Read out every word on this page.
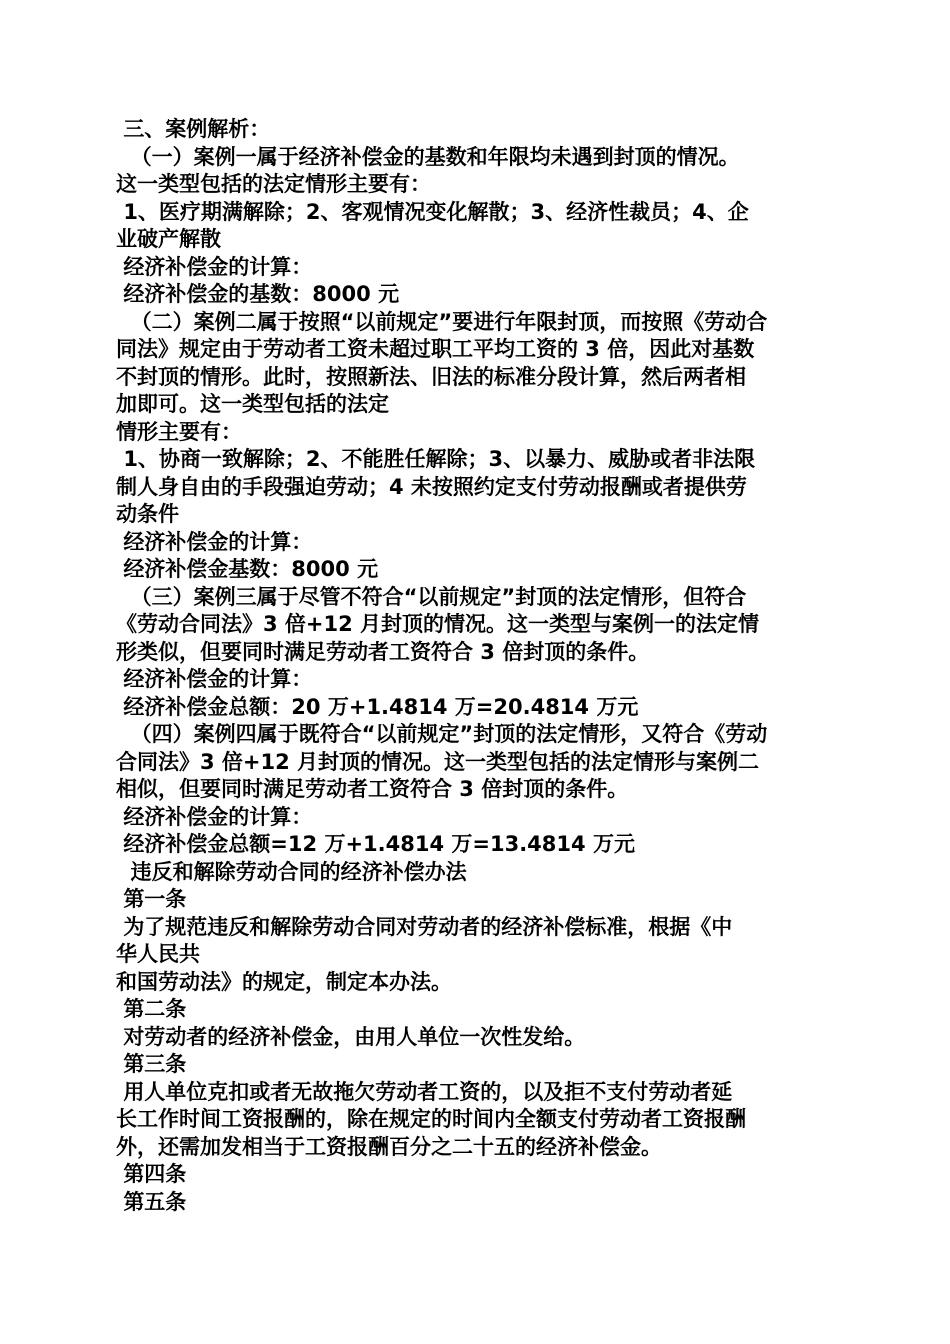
三、案例解析：
（一）案例一属于经济补偿金的基数和年限均未遇到封顶的情况。
这一类型包括的法定情形主要有：
1、医疗期满解除；2、客观情况变化解散；3、经济性裁员；4、企
业破产解散
经济补偿金的计算：
经济补偿金的基数：8000 元
（二）案例二属于按照“以前规定”要进行年限封顶，而按照《劳动合
同法》规定由于劳动者工资未超过职工平均工资的 3 倍，因此对基数
不封顶的情形。此时，按照新法、旧法的标准分段计算，然后两者相
加即可。这一类型包括的法定
情形主要有：
1、协商一致解除；2、不能胜任解除；3、以暴力、威胁或者非法限
制人身自由的手段强迫劳动；4 未按照约定支付劳动报酬或者提供劳
动条件
经济补偿金的计算：
经济补偿金基数：8000 元
（三）案例三属于尽管不符合“以前规定”封顶的法定情形，但符合
《劳动合同法》3 倍+12 月封顶的情况。这一类型与案例一的法定情
形类似，但要同时满足劳动者工资符合 3 倍封顶的条件。
经济补偿金的计算：
经济补偿金总额：20 万+1.4814 万=20.4814 万元
（四）案例四属于既符合“以前规定”封顶的法定情形，又符合《劳动
合同法》3 倍+12 月封顶的情况。这一类型包括的法定情形与案例二
相似，但要同时满足劳动者工资符合 3 倍封顶的条件。
经济补偿金的计算：
经济补偿金总额=12 万+1.4814 万=13.4814 万元
违反和解除劳动合同的经济补偿办法
第一条
为了规范违反和解除劳动合同对劳动者的经济补偿标准，根据《中
华人民共
和国劳动法》的规定，制定本办法。
第二条
对劳动者的经济补偿金，由用人单位一次性发给。
第三条
用人单位克扣或者无故拖欠劳动者工资的，以及拒不支付劳动者延
长工作时间工资报酬的，除在规定的时间内全额支付劳动者工资报酬
外，还需加发相当于工资报酬百分之二十五的经济补偿金。
第四条
第五条
